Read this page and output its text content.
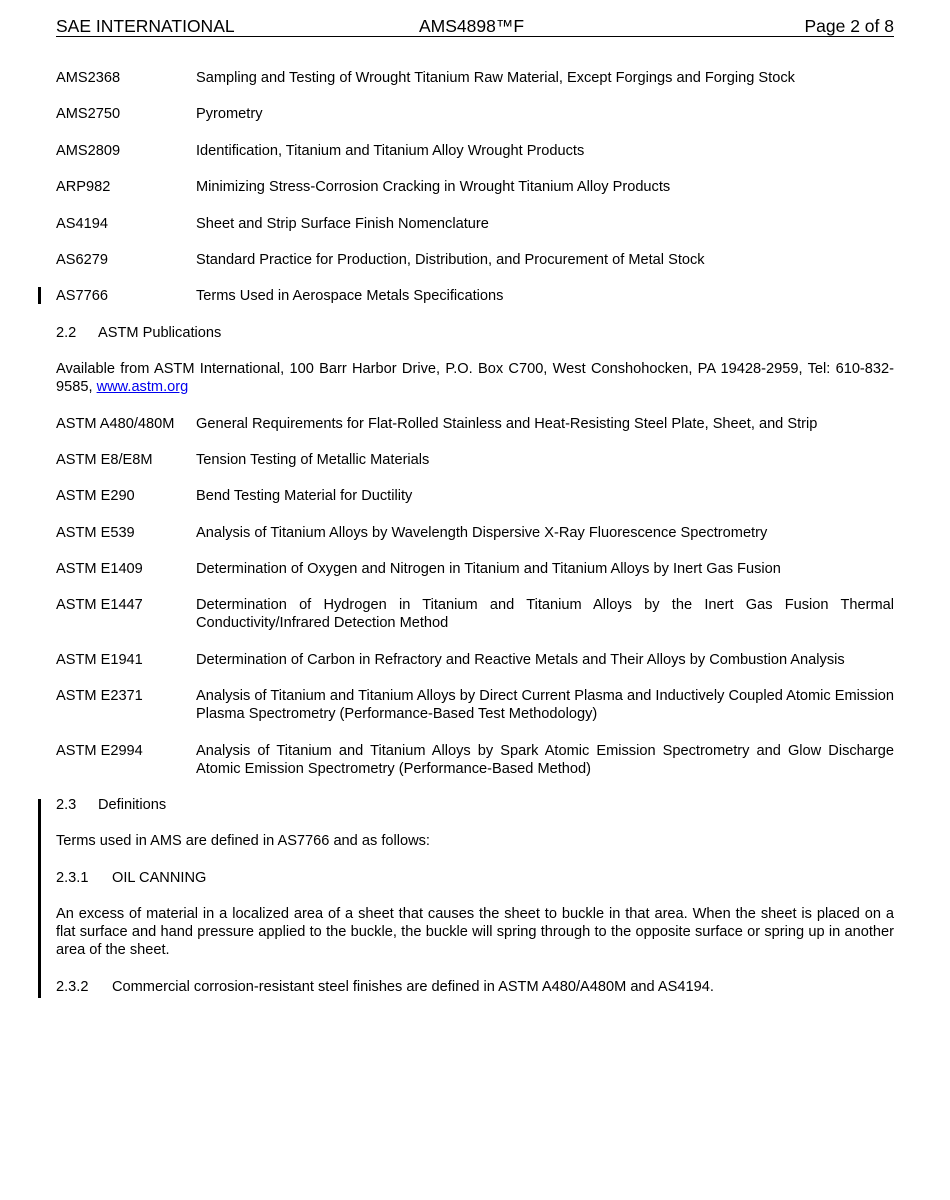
SAE INTERNATIONAL	AMS4898™F	Page 2 of 8
AMS2368	Sampling and Testing of Wrought Titanium Raw Material, Except Forgings and Forging Stock
AMS2750	Pyrometry
AMS2809	Identification, Titanium and Titanium Alloy Wrought Products
ARP982	Minimizing Stress-Corrosion Cracking in Wrought Titanium Alloy Products
AS4194	Sheet and Strip Surface Finish Nomenclature
AS6279	Standard Practice for Production, Distribution, and Procurement of Metal Stock
AS7766	Terms Used in Aerospace Metals Specifications
2.2 ASTM Publications
Available from ASTM International, 100 Barr Harbor Drive, P.O. Box C700, West Conshohocken, PA 19428-2959, Tel: 610-832-9585, www.astm.org
ASTM A480/480M	General Requirements for Flat-Rolled Stainless and Heat-Resisting Steel Plate, Sheet, and Strip
ASTM E8/E8M	Tension Testing of Metallic Materials
ASTM E290	Bend Testing Material for Ductility
ASTM E539	Analysis of Titanium Alloys by Wavelength Dispersive X-Ray Fluorescence Spectrometry
ASTM E1409	Determination of Oxygen and Nitrogen in Titanium and Titanium Alloys by Inert Gas Fusion
ASTM E1447	Determination of Hydrogen in Titanium and Titanium Alloys by the Inert Gas Fusion Thermal Conductivity/Infrared Detection Method
ASTM E1941	Determination of Carbon in Refractory and Reactive Metals and Their Alloys by Combustion Analysis
ASTM E2371	Analysis of Titanium and Titanium Alloys by Direct Current Plasma and Inductively Coupled Atomic Emission Plasma Spectrometry (Performance-Based Test Methodology)
ASTM E2994	Analysis of Titanium and Titanium Alloys by Spark Atomic Emission Spectrometry and Glow Discharge Atomic Emission Spectrometry (Performance-Based Method)
2.3 Definitions
Terms used in AMS are defined in AS7766 and as follows:
2.3.1 OIL CANNING
An excess of material in a localized area of a sheet that causes the sheet to buckle in that area. When the sheet is placed on a flat surface and hand pressure applied to the buckle, the buckle will spring through to the opposite surface or spring up in another area of the sheet.
2.3.2 Commercial corrosion-resistant steel finishes are defined in ASTM A480/A480M and AS4194.
